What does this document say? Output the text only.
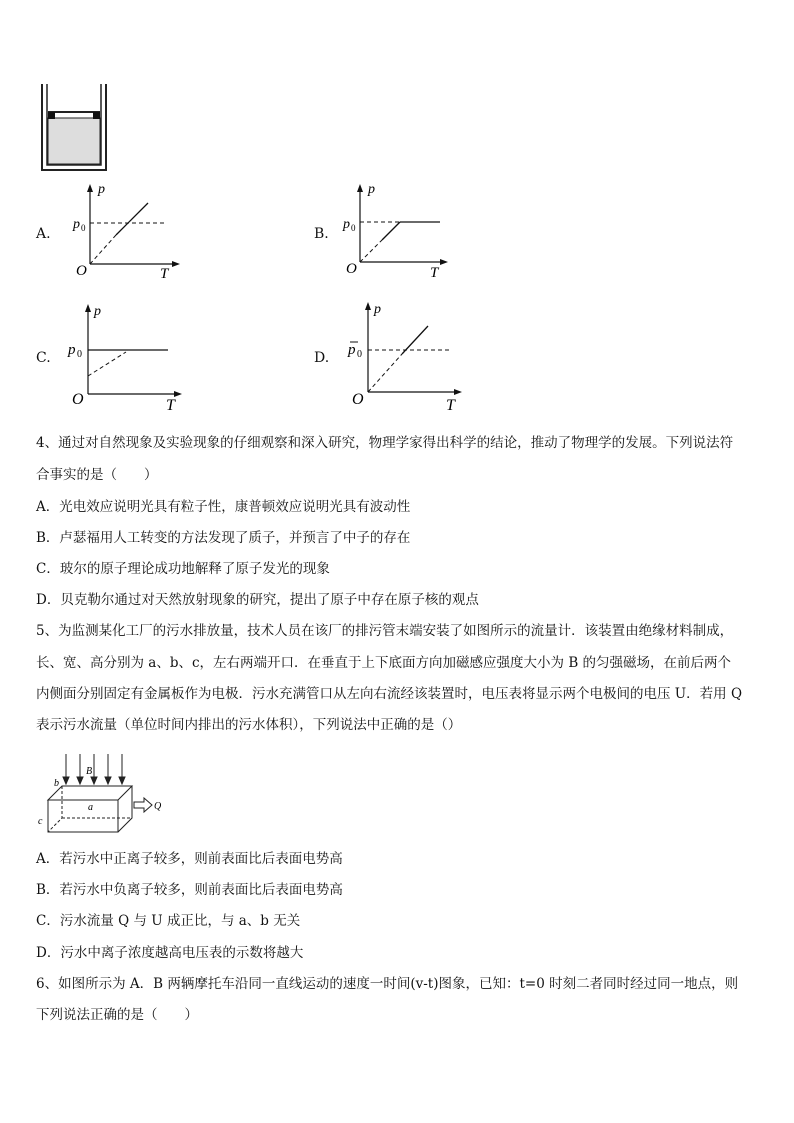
A.
p
p 0
O	T
B.
p
p 0
O	T
C.
p
p 0
O	T
D.
p
p 0
O	T
4、通过对自然现象及实验现象的仔细观察和深入研究，物理学家得出科学的结论，推动了物理学的发展。下列说法符
合事实的是（　　）
A．光电效应说明光具有粒子性，康普顿效应说明光具有波动性
B．卢瑟福用人工转变的方法发现了质子，并预言了中子的存在
C．玻尔的原子理论成功地解释了原子发光的现象
D．贝克勒尔通过对天然放射现象的研究，提出了原子中存在原子核的观点
5、为监测某化工厂的污水排放量，技术人员在该厂的排污管末端安装了如图所示的流量计．该装置由绝缘材料制成，
长、宽、高分别为 a、b、c，左右两端开口．在垂直于上下底面方向加磁感应强度大小为 B 的匀强磁场，在前后两个
内侧面分别固定有金属板作为电极．污水充满管口从左向右流经该装置时，电压表将显示两个电极间的电压 U．若用 Q
表示污水流量（单位时间内排出的污水体积），下列说法中正确的是（）
b
B
a
c
Q
A．若污水中正离子较多，则前表面比后表面电势高
B．若污水中负离子较多，则前表面比后表面电势高
C．污水流量 Q 与 U 成正比，与 a、b 无关
D．污水中离子浓度越高电压表的示数将越大
6、如图所示为 A．B 两辆摩托车沿同一直线运动的速度一时间(v-t)图象，已知：t=0 时刻二者同时经过同一地点，则
下列说法正确的是（　　）
